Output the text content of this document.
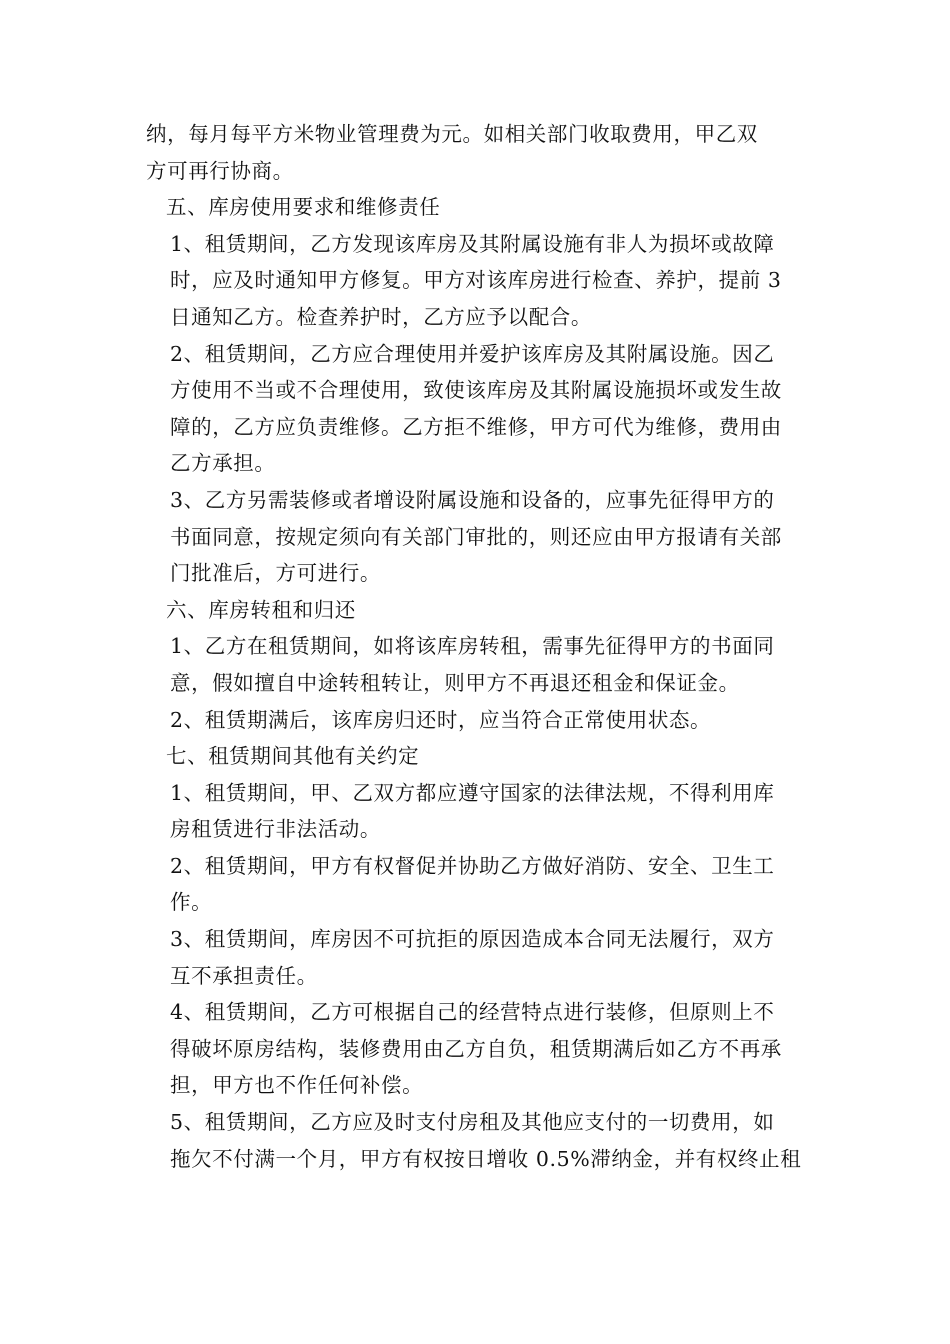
纳，每月每平方米物业管理费为元。如相关部门收取费用，甲乙双
方可再行协商。

五、库房使用要求和维修责任

1、租赁期间，乙方发现该库房及其附属设施有非人为损坏或故障
时，应及时通知甲方修复。甲方对该库房进行检查、养护，提前 3
日通知乙方。检查养护时，乙方应予以配合。

2、租赁期间，乙方应合理使用并爱护该库房及其附属设施。因乙
方使用不当或不合理使用，致使该库房及其附属设施损坏或发生故
障的，乙方应负责维修。乙方拒不维修，甲方可代为维修，费用由
乙方承担。

3、乙方另需装修或者增设附属设施和设备的，应事先征得甲方的
书面同意，按规定须向有关部门审批的，则还应由甲方报请有关部
门批准后，方可进行。

六、库房转租和归还

1、乙方在租赁期间，如将该库房转租，需事先征得甲方的书面同
意，假如擅自中途转租转让，则甲方不再退还租金和保证金。

2、租赁期满后，该库房归还时，应当符合正常使用状态。

七、租赁期间其他有关约定

1、租赁期间，甲、乙双方都应遵守国家的法律法规，不得利用库
房租赁进行非法活动。

2、租赁期间，甲方有权督促并协助乙方做好消防、安全、卫生工
作。

3、租赁期间，库房因不可抗拒的原因造成本合同无法履行，双方
互不承担责任。

4、租赁期间，乙方可根据自己的经营特点进行装修，但原则上不
得破坏原房结构，装修费用由乙方自负，租赁期满后如乙方不再承
担，甲方也不作任何补偿。

5、租赁期间，乙方应及时支付房租及其他应支付的一切费用，如
拖欠不付满一个月，甲方有权按日增收 0.5%滞纳金，并有权终止租
